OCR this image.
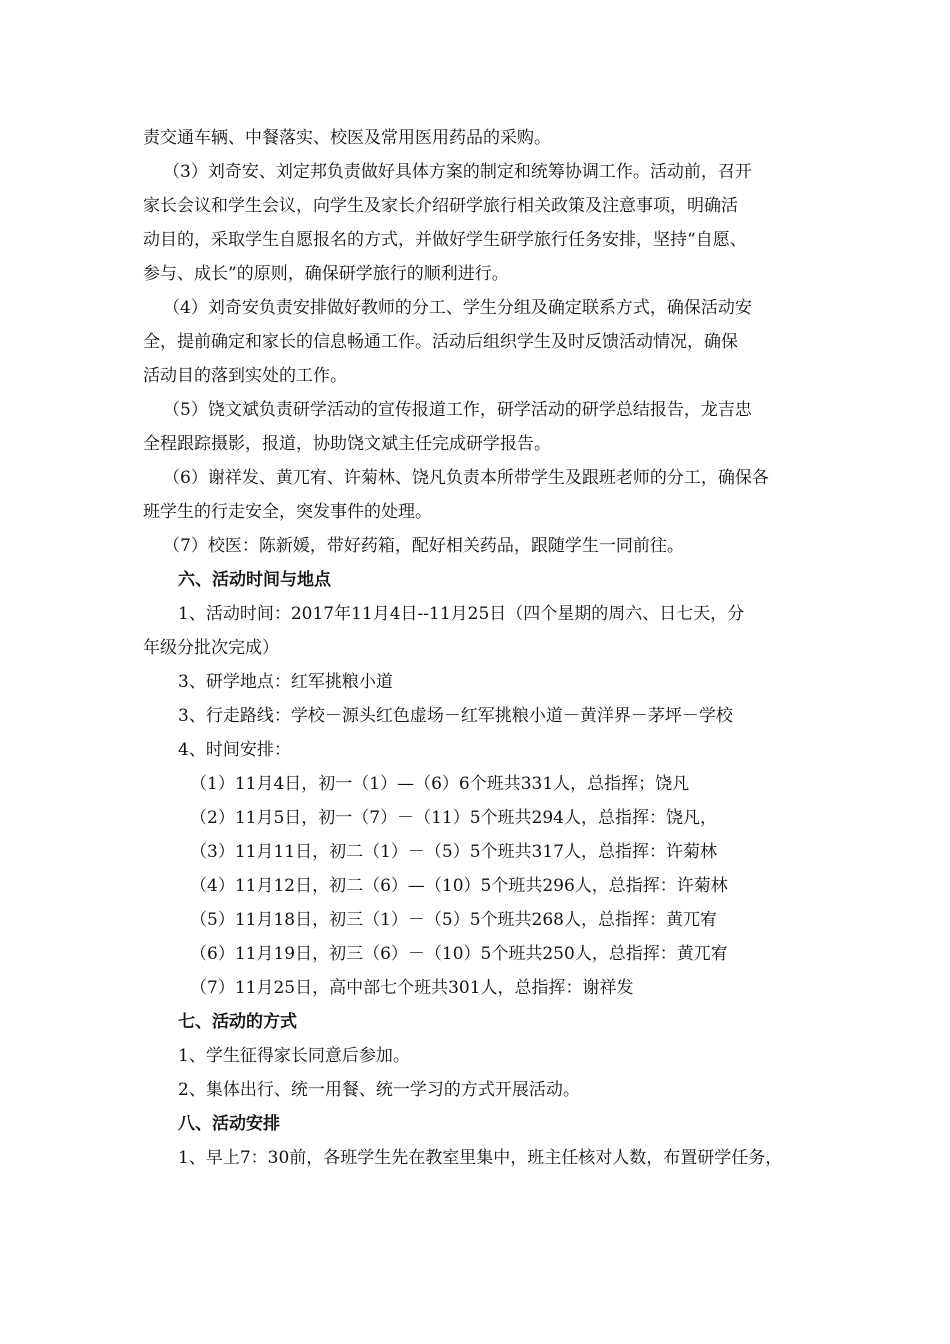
责交通车辆、中餐落实、校医及常用医用药品的采购。
（3）刘奇安、刘定邦负责做好具体方案的制定和统筹协调工作。活动前，召开
家长会议和学生会议，向学生及家长介绍研学旅行相关政策及注意事项，明确活
动目的，采取学生自愿报名的方式，并做好学生研学旅行任务安排，坚持“自愿、
参与、成长”的原则，确保研学旅行的顺利进行。
（4）刘奇安负责安排做好教师的分工、学生分组及确定联系方式，确保活动安
全，提前确定和家长的信息畅通工作。活动后组织学生及时反馈活动情况，确保
活动目的落到实处的工作。
（5）饶文斌负责研学活动的宣传报道工作，研学活动的研学总结报告，龙吉忠
全程跟踪摄影，报道，协助饶文斌主任完成研学报告。
（6）谢祥发、黄兀宥、许菊林、饶凡负责本所带学生及跟班老师的分工，确保各
班学生的行走安全，突发事件的处理。
（7）校医：陈新媛，带好药箱，配好相关药品，跟随学生一同前往。
六、活动时间与地点
1、活动时间：2017年11月4日--11月25日（四个星期的周六、日七天，分
年级分批次完成）
3、研学地点：红军挑粮小道
3、行走路线：学校－源头红色虚场－红军挑粮小道－黄洋界－茅坪－学校
4、时间安排：
（1）11月4日，初一（1）—（6）6个班共331人，总指挥；饶凡
（2）11月5日，初一（7）－（11）5个班共294人，总指挥：饶凡，
（3）11月11日，初二（1）－（5）5个班共317人，总指挥：许菊林
（4）11月12日，初二（6）—（10）5个班共296人，总指挥：许菊林
（5）11月18日，初三（1）－（5）5个班共268人，总指挥：黄兀宥
（6）11月19日，初三（6）－（10）5个班共250人，总指挥：黄兀宥
（7）11月25日，高中部七个班共301人，总指挥：谢祥发
七、活动的方式
1、学生征得家长同意后参加。
2、集体出行、统一用餐、统一学习的方式开展活动。
八、活动安排
1、早上7：30前，各班学生先在教室里集中，班主任核对人数，布置研学任务，
